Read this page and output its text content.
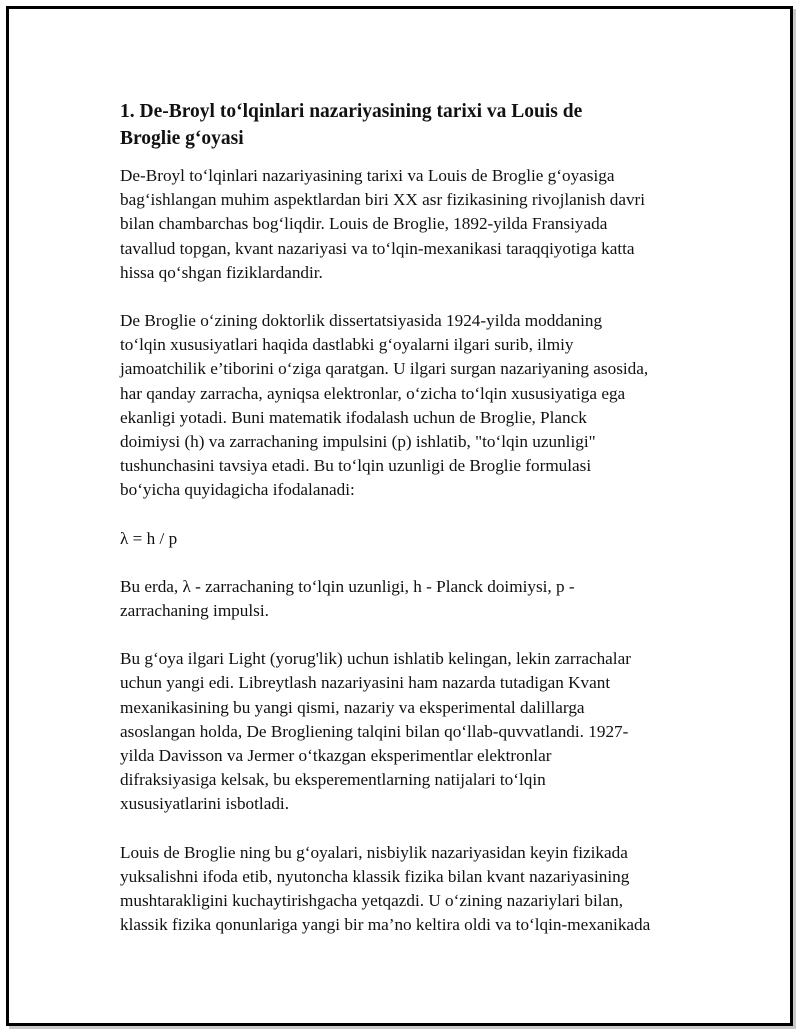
1. De-Broyl to‘lqinlari nazariyasining tarixi va Louis de
Broglie g‘oyasi

De-Broyl to‘lqinlari nazariyasining tarixi va Louis de Broglie g‘oyasiga
bag‘ishlangan muhim aspektlardan biri XX asr fizikasining rivojlanish davri
bilan chambarchas bog‘liqdir. Louis de Broglie, 1892-yilda Fransiyada
tavallud topgan, kvant nazariyasi va to‘lqin-mexanikasi taraqqiyotiga katta
hissa qo‘shgan fiziklardandir.

De Broglie o‘zining doktorlik dissertatsiyasida 1924-yilda moddaning
to‘lqin xususiyatlari haqida dastlabki g‘oyalarni ilgari surib, ilmiy
jamoatchilik e’tiborini o‘ziga qaratgan. U ilgari surgan nazariyaning asosida,
har qanday zarracha, ayniqsa elektronlar, o‘zicha to‘lqin xususiyatiga ega
ekanligi yotadi. Buni matematik ifodalash uchun de Broglie, Planck
doimiysi (h) va zarrachaning impulsini (p) ishlatib, "to‘lqin uzunligi"
tushunchasini tavsiya etadi. Bu to‘lqin uzunligi de Broglie formulasi
bo‘yicha quyidagicha ifodalanadi:

λ = h / p

Bu erda, λ - zarrachaning to‘lqin uzunligi, h - Planck doimiysi, p -
zarrachaning impulsi.

Bu g‘oya ilgari Light (yorug'lik) uchun ishlatib kelingan, lekin zarrachalar
uchun yangi edi. Libreytlash nazariyasini ham nazarda tutadigan Kvant
mexanikasining bu yangi qismi, nazariy va eksperimental dalillarga
asoslangan holda, De Brogliening talqini bilan qo‘llab-quvvatlandi. 1927-
yilda Davisson va Jermer o‘tkazgan eksperimentlar elektronlar
difraksiyasiga kelsak, bu eksperementlarning natijalari to‘lqin
xususiyatlarini isbotladi.

Louis de Broglie ning bu g‘oyalari, nisbiylik nazariyasidan keyin fizikada
yuksalishni ifoda etib, nyutoncha klassik fizika bilan kvant nazariyasining
mushtarakligini kuchaytirishgacha yetqazdi. U o‘zining nazariylari bilan,
klassik fizika qonunlariga yangi bir ma’no keltira oldi va to‘lqin-mexanikada
